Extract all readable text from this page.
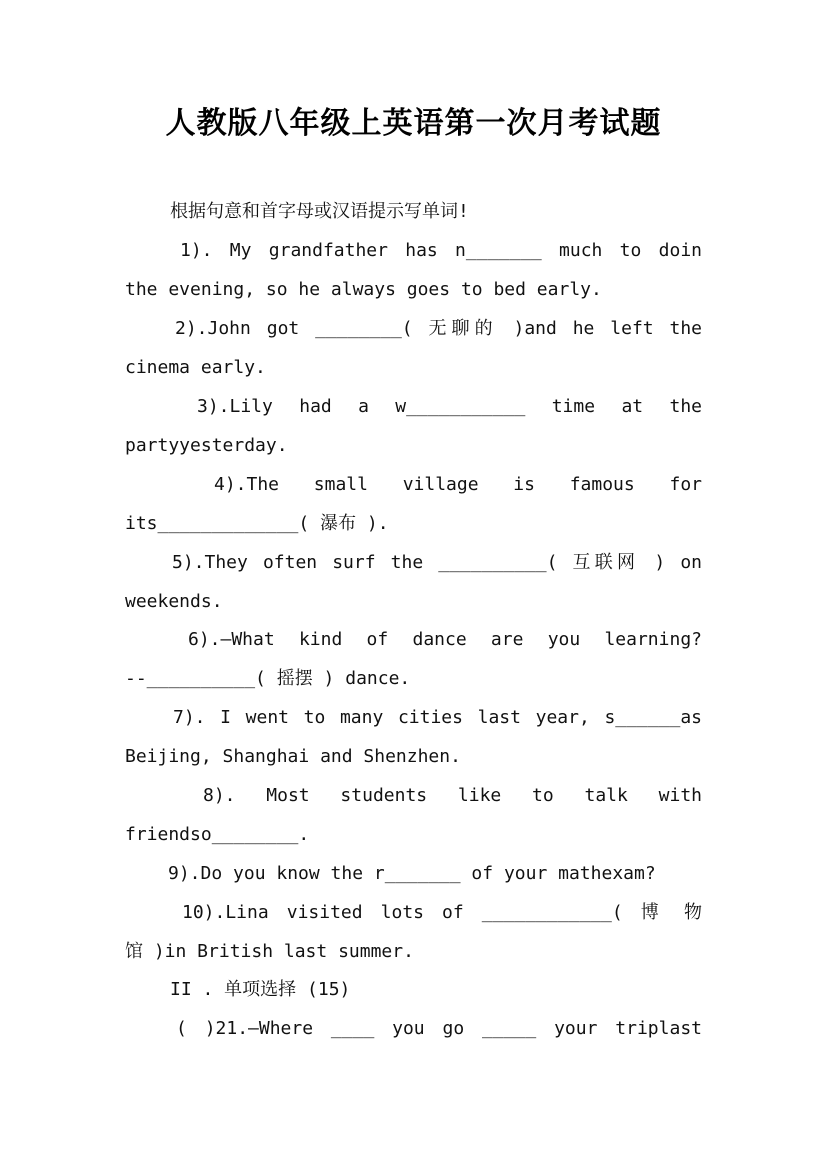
人教版八年级上英语第一次月考试题
根据句意和首字母或汉语提示写单词!
1). My grandfather has n_______ much to doin
the evening, so he always goes to bed early.
2).John got ________( 无聊的 )and he left the
cinema early.
3).Lily had a w___________ time at the
partyyesterday.
4).The small village is famous for
its_____________( 瀑布 ).
5).They often surf the __________( 互联网 ) on
weekends.
6).—What kind of dance are you learning?
--__________( 摇摆 ) dance.
7). I went to many cities last year, s______as
Beijing, Shanghai and Shenzhen.
8). Most students like to talk with
friendso________.
9).Do you know the r_______ of your mathexam?
10).Lina visited lots of ____________( 博 物
馆 )in British last summer.
II . 单项选择 (15)
( )21.–Where ____ you go _____ your triplast
